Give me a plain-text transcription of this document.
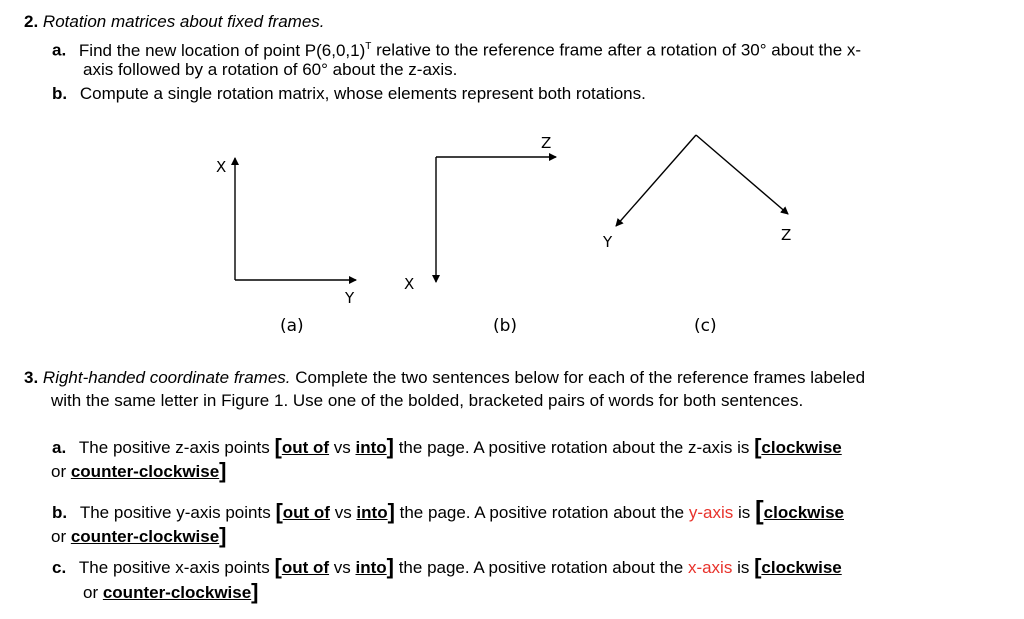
2. Rotation matrices about fixed frames.
a. Find the new location of point $P(6,0,1)^T$ relative to the reference frame after a rotation of 30° about the x-
axis followed by a rotation of 60° about the z-axis.
b. Compute a single rotation matrix, whose elements represent both rotations.
X
Y
Z
X
Y	Z
(a)	(b)	(c)
3. Right-handed coordinate frames. Complete the two sentences below for each of the reference frames labeled
with the same letter in Figure 1. Use one of the bolded, bracketed pairs of words for both sentences.
a. The positive z-axis points [out of vs into] the page. A positive rotation about the z-axis is [clockwise
or counter-clockwise]
b. The positive y-axis points [out of vs into] the page. A positive rotation about the y-axis is [clockwise
or counter-clockwise]
c. The positive x-axis points [out of vs into] the page. A positive rotation about the x-axis is [clockwise
or counter-clockwise]
